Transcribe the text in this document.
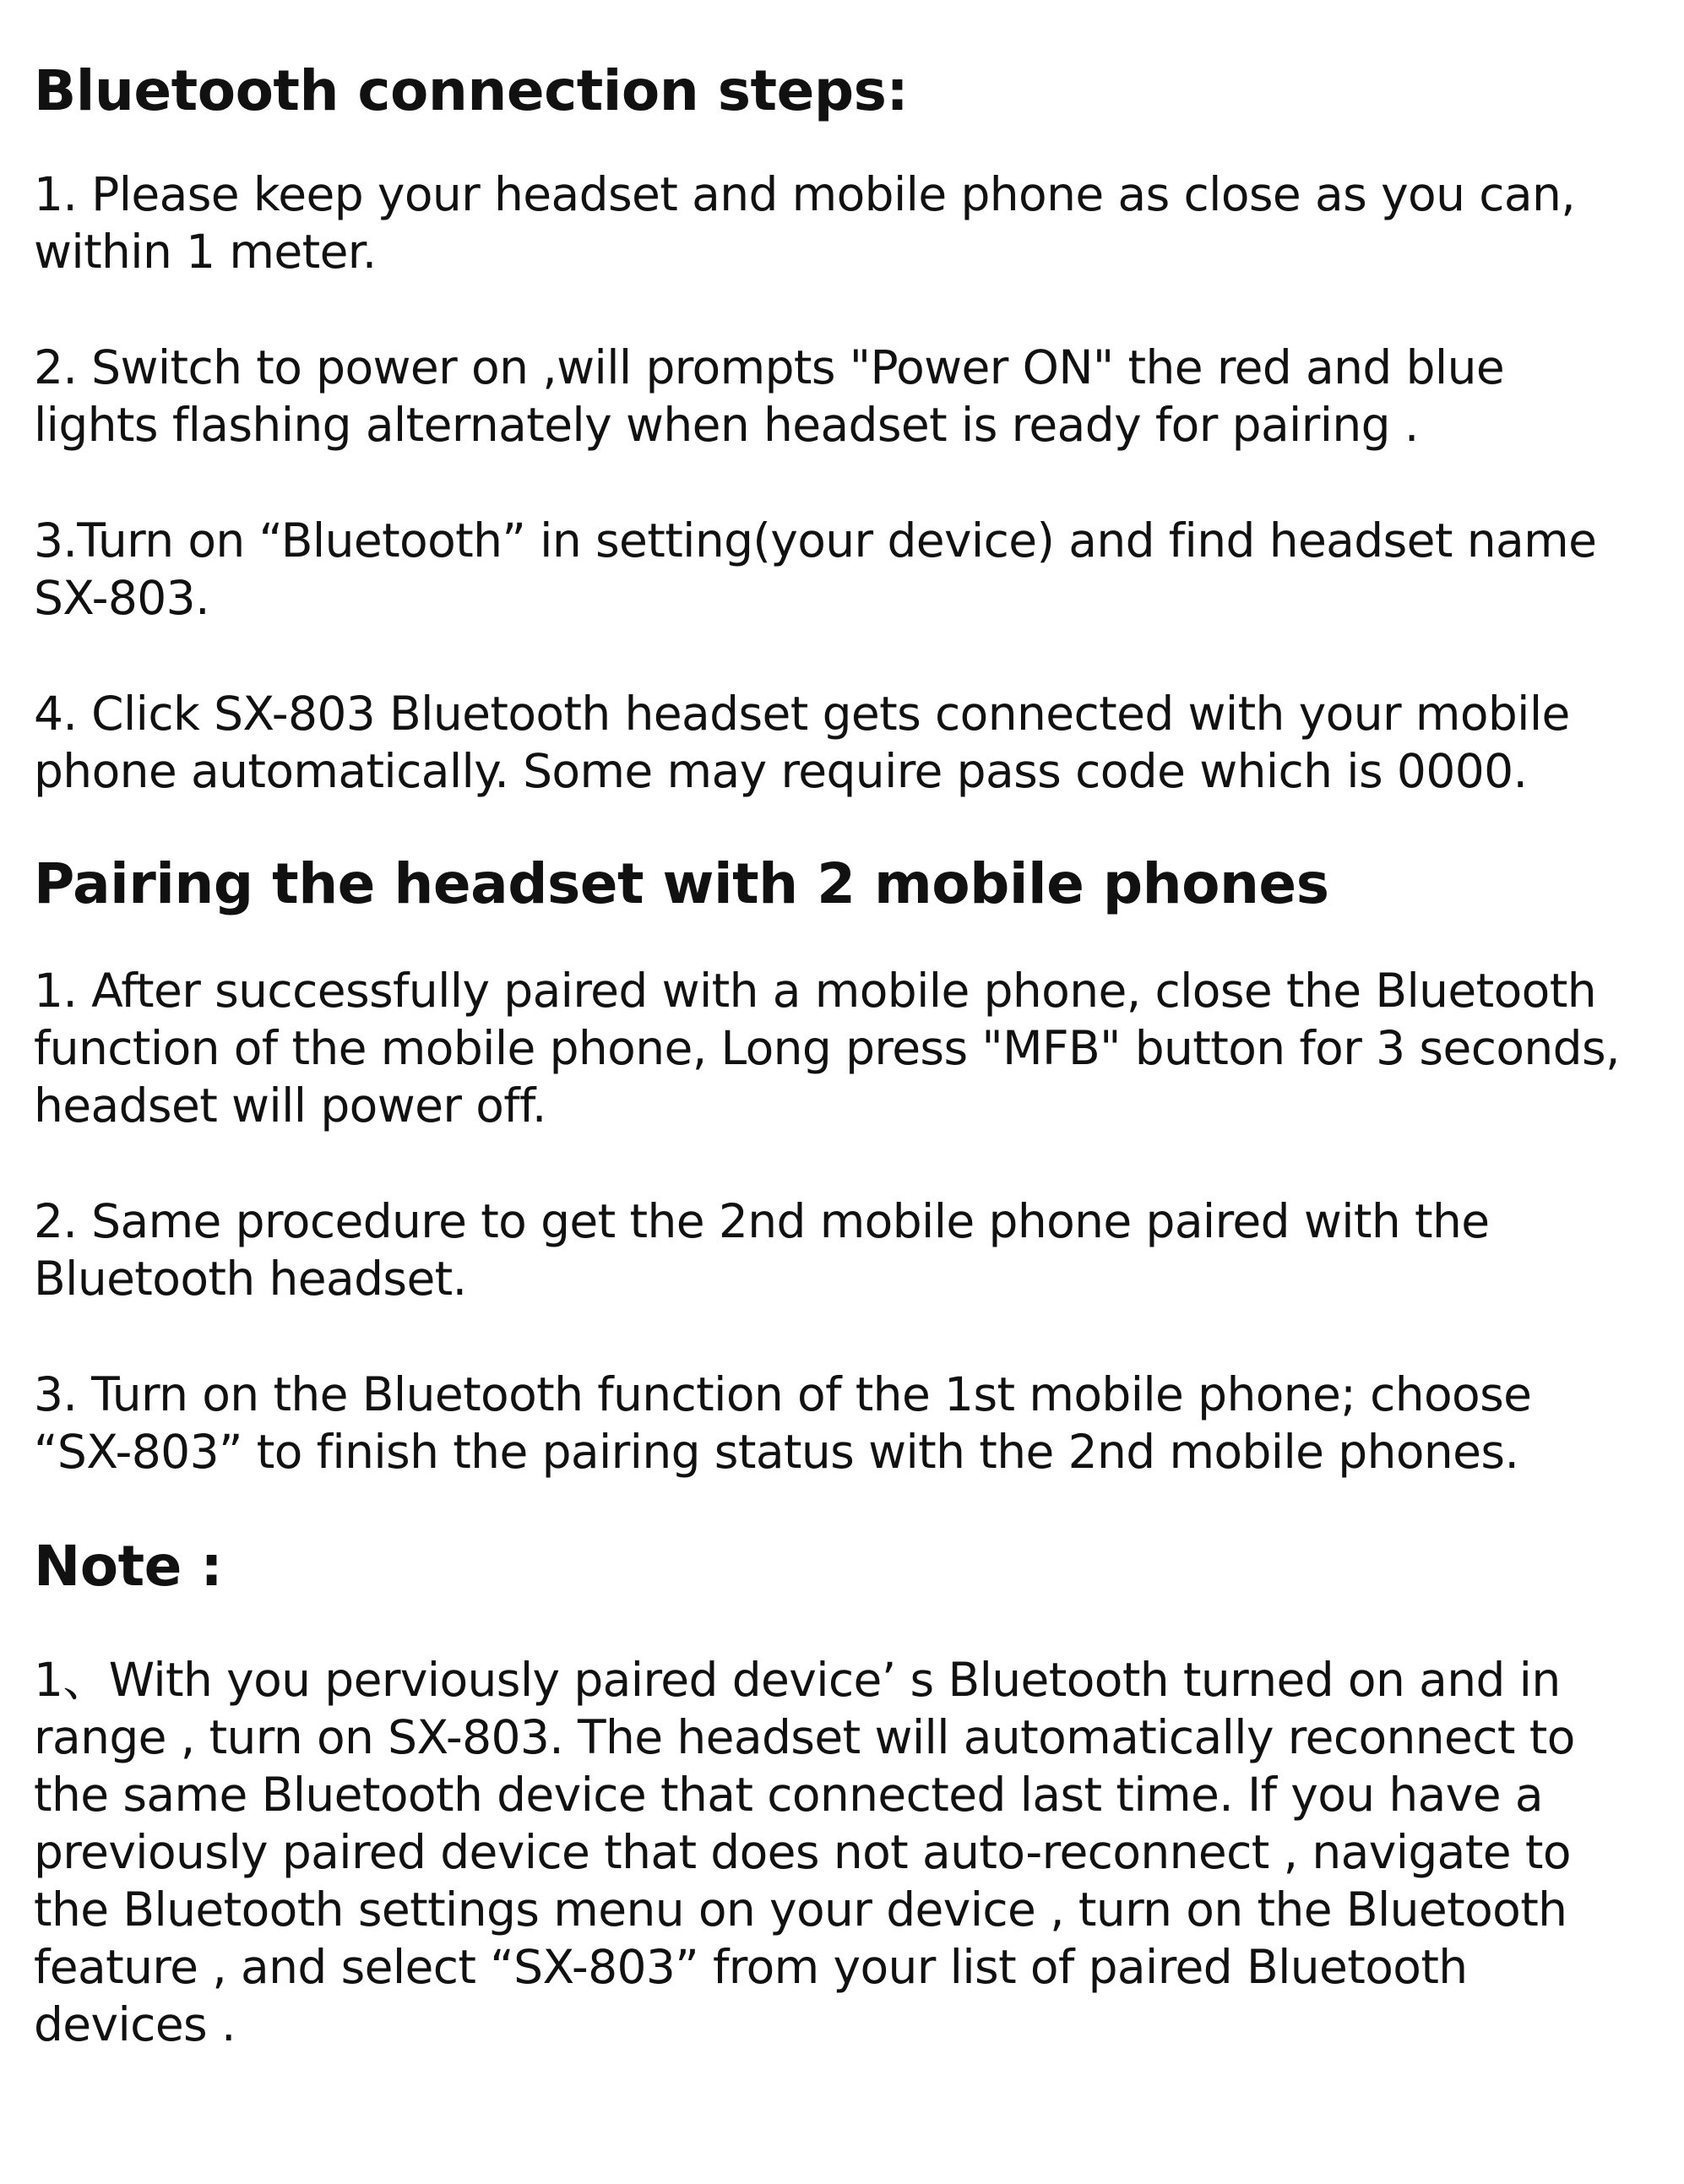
Bluetooth connection steps:

1. Please keep your headset and mobile phone as close as you can,
within 1 meter.

2. Switch to power on ,will prompts "Power ON" the red and blue
lights flashing alternately when headset is ready for pairing .

3.Turn on “Bluetooth” in setting(your device) and find headset name
SX-803.

4. Click SX-803 Bluetooth headset gets connected with your mobile
phone automatically. Some may require pass code which is 0000.

Pairing the headset with 2 mobile phones

1. After successfully paired with a mobile phone, close the Bluetooth
function of the mobile phone, Long press "MFB" button for 3 seconds,
headset will power off.

2. Same procedure to get the 2nd mobile phone paired with the
Bluetooth headset.

3. Turn on the Bluetooth function of the 1st mobile phone; choose
“SX-803” to finish the pairing status with the 2nd mobile phones.

Note :

1、With you perviously paired device’ s Bluetooth turned on and in
range , turn on SX-803. The headset will automatically reconnect to
the same Bluetooth device that connected last time. If you have a
previously paired device that does not auto-reconnect , navigate to
the Bluetooth settings menu on your device , turn on the Bluetooth
feature , and select “SX-803” from your list of paired Bluetooth
devices .
